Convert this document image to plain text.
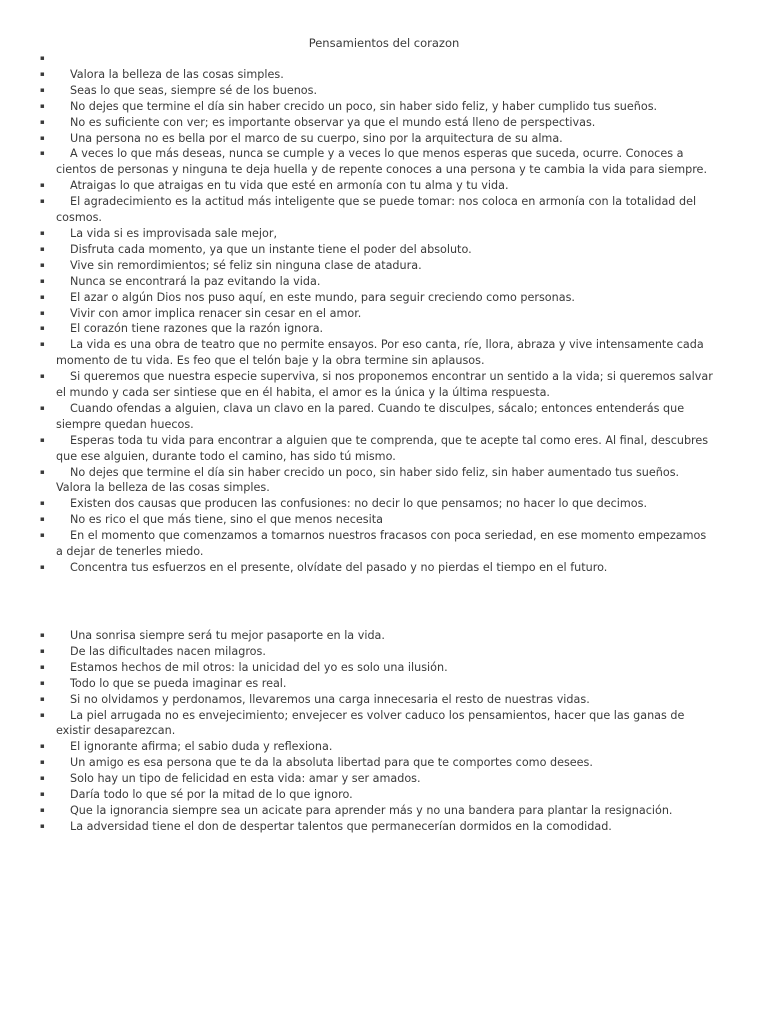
Pensamientos del corazon
▪
▪ Valora la belleza de las cosas simples.
▪ Seas lo que seas, siempre sé de los buenos.
▪ No dejes que termine el día sin haber crecido un poco, sin haber sido feliz, y haber cumplido tus sueños.
▪ No es suficiente con ver; es importante observar ya que el mundo está lleno de perspectivas.
▪ Una persona no es bella por el marco de su cuerpo, sino por la arquitectura de su alma.
▪ A veces lo que más deseas, nunca se cumple y a veces lo que menos esperas que suceda, ocurre. Conoces a cientos de personas y ninguna te deja huella y de repente conoces a una persona y te cambia la vida para siempre.
▪ Atraigas lo que atraigas en tu vida que esté en armonía con tu alma y tu vida.
▪ El agradecimiento es la actitud más inteligente que se puede tomar: nos coloca en armonía con la totalidad del cosmos.
▪ La vida si es improvisada sale mejor,
▪ Disfruta cada momento, ya que un instante tiene el poder del absoluto.
▪ Vive sin remordimientos; sé feliz sin ninguna clase de atadura.
▪ Nunca se encontrará la paz evitando la vida.
▪ El azar o algún Dios nos puso aquí, en este mundo, para seguir creciendo como personas.
▪ Vivir con amor implica renacer sin cesar en el amor.
▪ El corazón tiene razones que la razón ignora.
▪ La vida es una obra de teatro que no permite ensayos. Por eso canta, ríe, llora, abraza y vive intensamente cada momento de tu vida. Es feo que el telón baje y la obra termine sin aplausos.
▪ Si queremos que nuestra especie superviva, si nos proponemos encontrar un sentido a la vida; si queremos salvar el mundo y cada ser sintiese que en él habita, el amor es la única y la última respuesta.
▪ Cuando ofendas a alguien, clava un clavo en la pared. Cuando te disculpes, sácalo; entonces entenderás que siempre quedan huecos.
▪ Esperas toda tu vida para encontrar a alguien que te comprenda, que te acepte tal como eres. Al final, descubres que ese alguien, durante todo el camino, has sido tú mismo.
▪ No dejes que termine el día sin haber crecido un poco, sin haber sido feliz, sin haber aumentado tus sueños. Valora la belleza de las cosas simples.
▪ Existen dos causas que producen las confusiones: no decir lo que pensamos; no hacer lo que decimos.
▪ No es rico el que más tiene, sino el que menos necesita
▪ En el momento que comenzamos a tomarnos nuestros fracasos con poca seriedad, en ese momento empezamos a dejar de tenerles miedo.
▪ Concentra tus esfuerzos en el presente, olvídate del pasado y no pierdas el tiempo en el futuro.
▪ Una sonrisa siempre será tu mejor pasaporte en la vida.
▪ De las dificultades nacen milagros.
▪ Estamos hechos de mil otros: la unicidad del yo es solo una ilusión.
▪ Todo lo que se pueda imaginar es real.
▪ Si no olvidamos y perdonamos, llevaremos una carga innecesaria el resto de nuestras vidas.
▪ La piel arrugada no es envejecimiento; envejecer es volver caduco los pensamientos, hacer que las ganas de existir desaparezcan.
▪ El ignorante afirma; el sabio duda y reflexiona.
▪ Un amigo es esa persona que te da la absoluta libertad para que te comportes como desees.
▪ Solo hay un tipo de felicidad en esta vida: amar y ser amados.
▪ Daría todo lo que sé por la mitad de lo que ignoro.
▪ Que la ignorancia siempre sea un acicate para aprender más y no una bandera para plantar la resignación.
▪ La adversidad tiene el don de despertar talentos que permanecerían dormidos en la comodidad.
